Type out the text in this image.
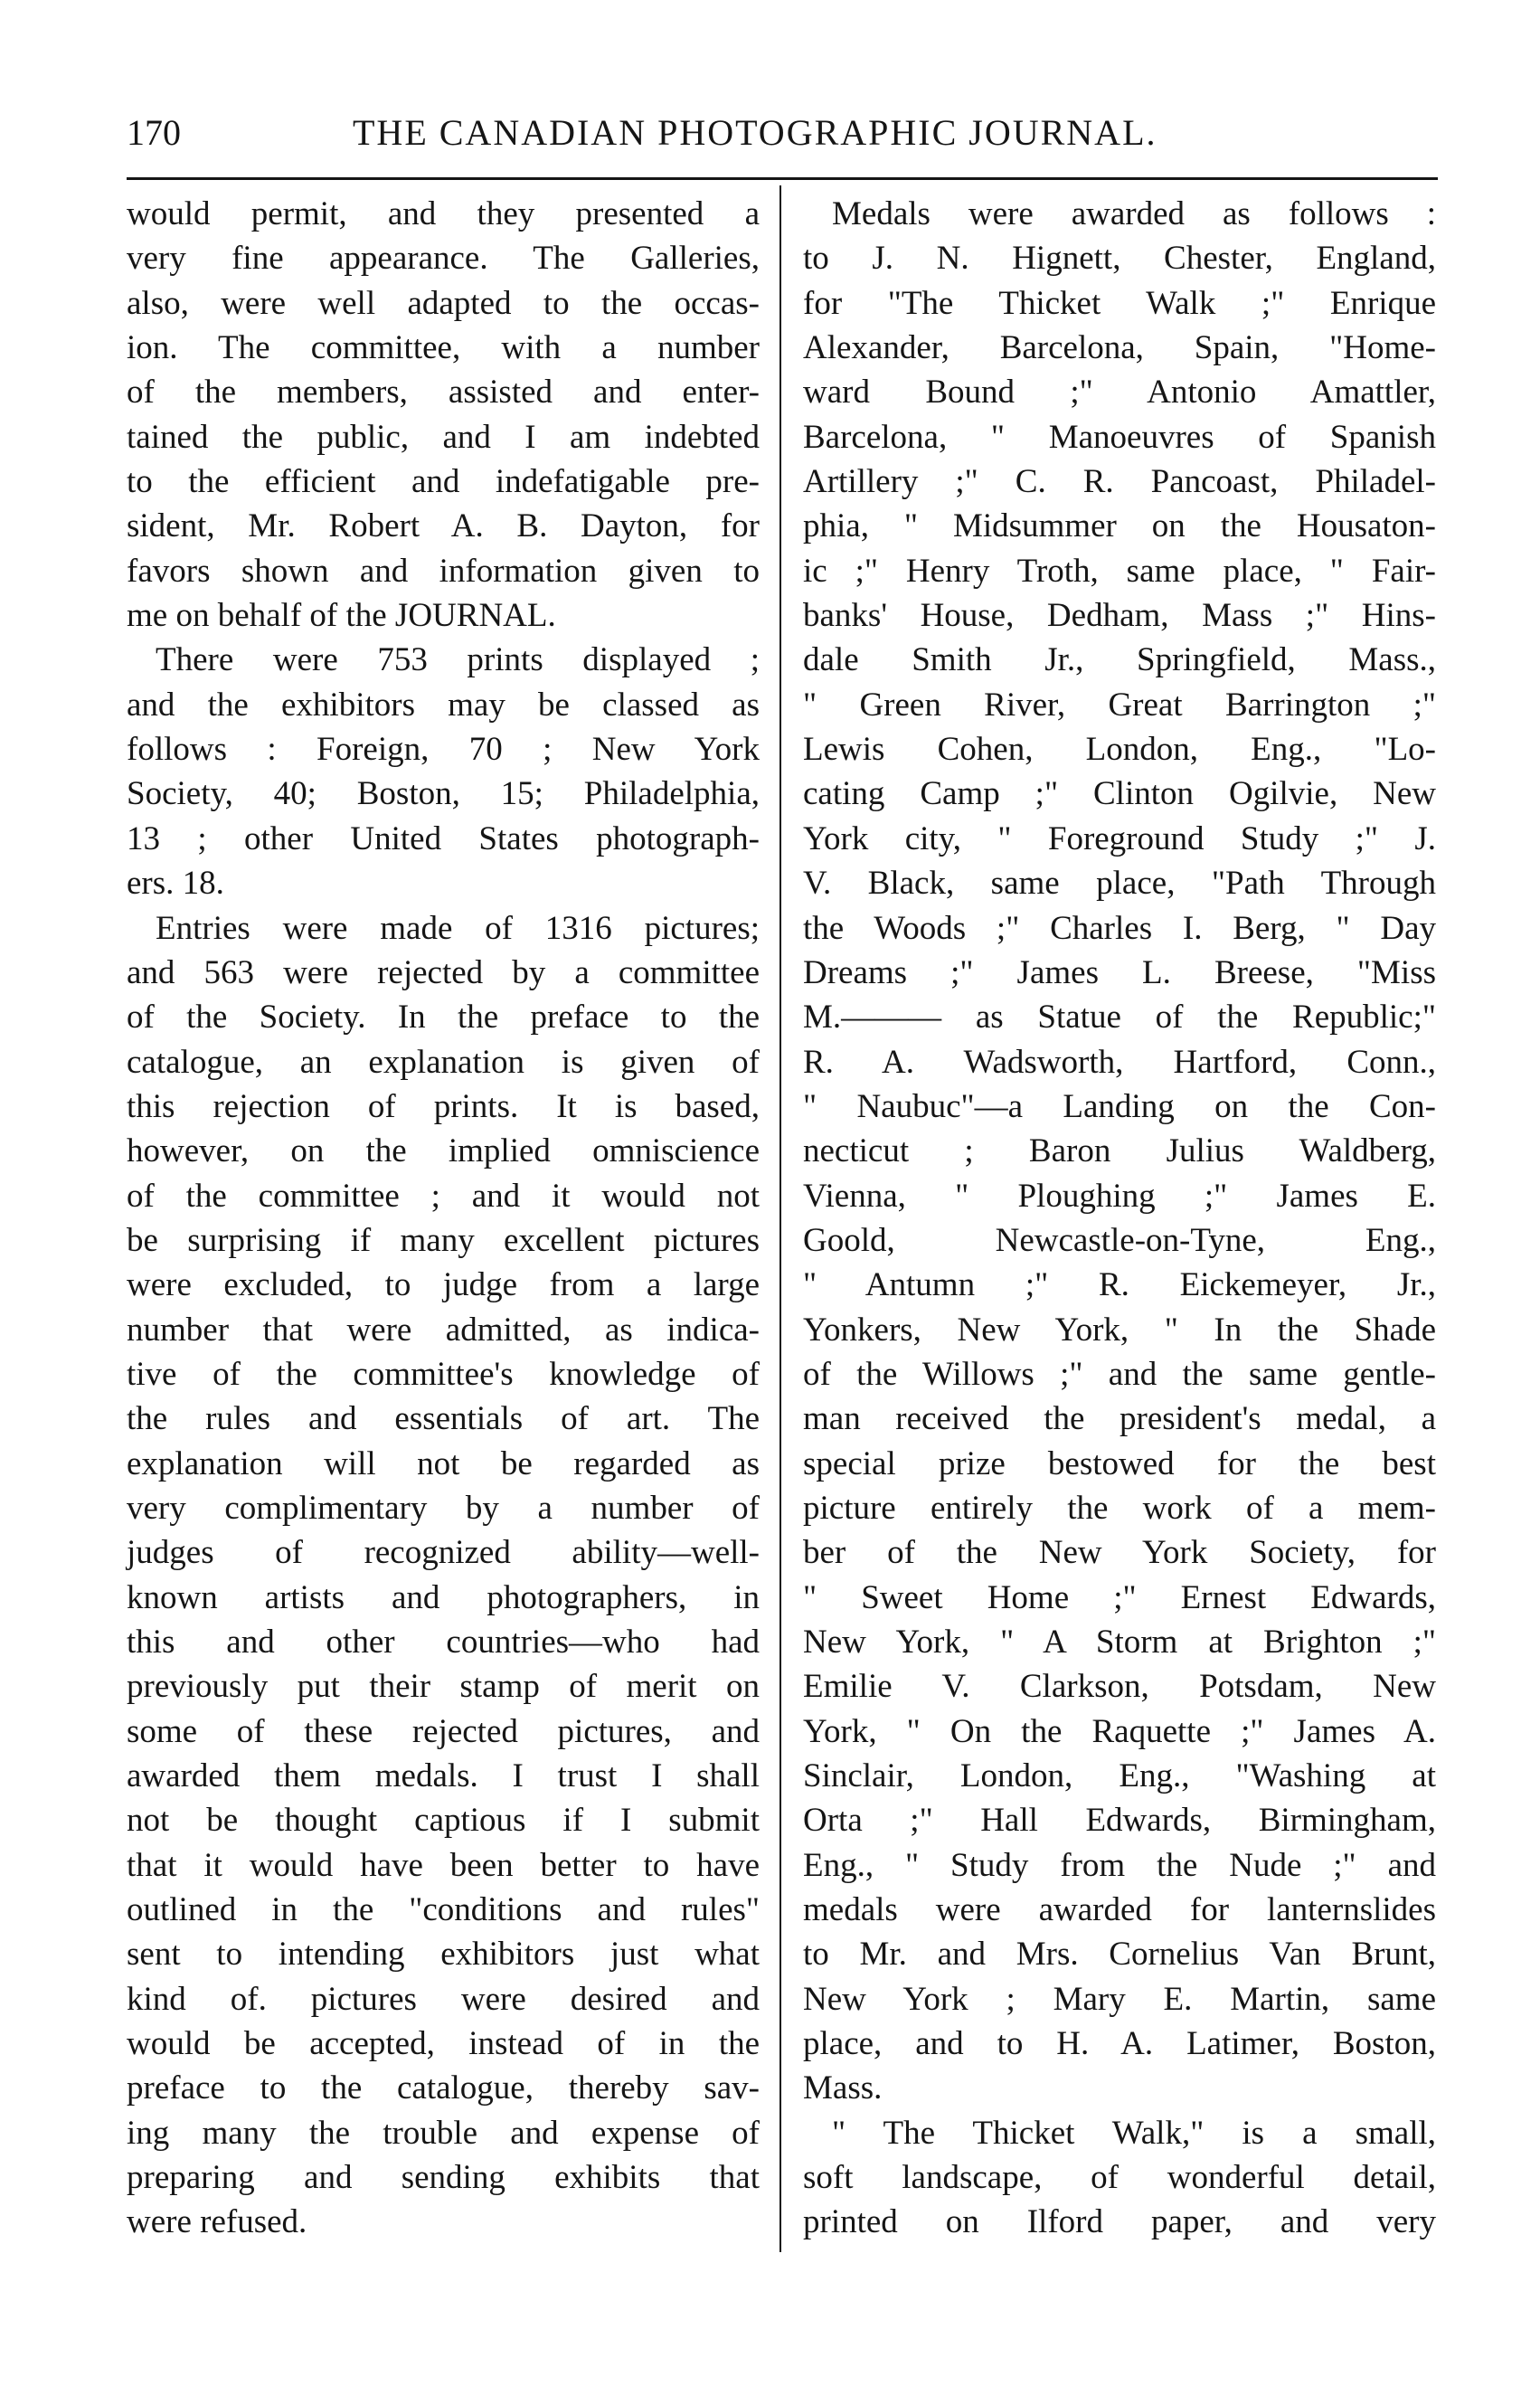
170	THE CANADIAN PHOTOGRAPHIC JOURNAL.
would permit, and they presented a
very fine appearance. The Galleries,
also, were well adapted to the occas-
ion. The committee, with a number
of the members, assisted and enter-
tained the public, and I am indebted
to the efficient and indefatigable pre-
sident, Mr. Robert A. B. Dayton, for
favors shown and information given to
me on behalf of the JOURNAL.
There were 753 prints displayed ;
and the exhibitors may be classed as
follows : Foreign, 70 ; New York
Society, 40; Boston, 15; Philadelphia,
13 ; other United States photograph-
ers. 18.
Entries were made of 1316 pictures;
and 563 were rejected by a committee
of the Society. In the preface to the
catalogue, an explanation is given of
this rejection of prints. It is based,
however, on the implied omniscience
of the committee ; and it would not
be surprising if many excellent pictures
were excluded, to judge from a large
number that were admitted, as indica-
tive of the committee's knowledge of
the rules and essentials of art. The
explanation will not be regarded as
very complimentary by a number of
judges of recognized ability—well-
known artists and photographers, in
this and other countries—who had
previously put their stamp of merit on
some of these rejected pictures, and
awarded them medals. I trust I shall
not be thought captious if I submit
that it would have been better to have
outlined in the "conditions and rules"
sent to intending exhibitors just what
kind of. pictures were desired and
would be accepted, instead of in the
preface to the catalogue, thereby sav-
ing many the trouble and expense of
preparing and sending exhibits that
were refused.
Medals were awarded as follows :
to J. N. Hignett, Chester, England,
for "The Thicket Walk ;" Enrique
Alexander, Barcelona, Spain, "Home-
ward Bound ;" Antonio Amattler,
Barcelona, " Manoeuvres of Spanish
Artillery ;" C. R. Pancoast, Philadel-
phia, " Midsummer on the Housaton-
ic ;" Henry Troth, same place, " Fair-
banks' House, Dedham, Mass ;" Hins-
dale Smith Jr., Springfield, Mass.,
" Green River, Great Barrington ;"
Lewis Cohen, London, Eng., "Lo-
cating Camp ;" Clinton Ogilvie, New
York city, " Foreground Study ;" J.
V. Black, same place, "Path Through
the Woods ;" Charles I. Berg, " Day
Dreams ;" James L. Breese, "Miss
M.——— as Statue of the Republic;"
R. A. Wadsworth, Hartford, Conn.,
" Naubuc"—a Landing on the Con-
necticut ; Baron Julius Waldberg,
Vienna, " Ploughing ;" James E.
Goold, Newcastle-on-Tyne, Eng.,
" Antumn ;" R. Eickemeyer, Jr.,
Yonkers, New York, " In the Shade
of the Willows ;" and the same gentle-
man received the president's medal, a
special prize bestowed for the best
picture entirely the work of a mem-
ber of the New York Society, for
" Sweet Home ;" Ernest Edwards,
New York, " A Storm at Brighton ;"
Emilie V. Clarkson, Potsdam, New
York, " On the Raquette ;" James A.
Sinclair, London, Eng., "Washing at
Orta ;" Hall Edwards, Birmingham,
Eng., " Study from the Nude ;" and
medals were awarded for lanternslides
to Mr. and Mrs. Cornelius Van Brunt,
New York ; Mary E. Martin, same
place, and to H. A. Latimer, Boston,
Mass.
" The Thicket Walk," is a small,
soft landscape, of wonderful detail,
printed on Ilford paper, and very
